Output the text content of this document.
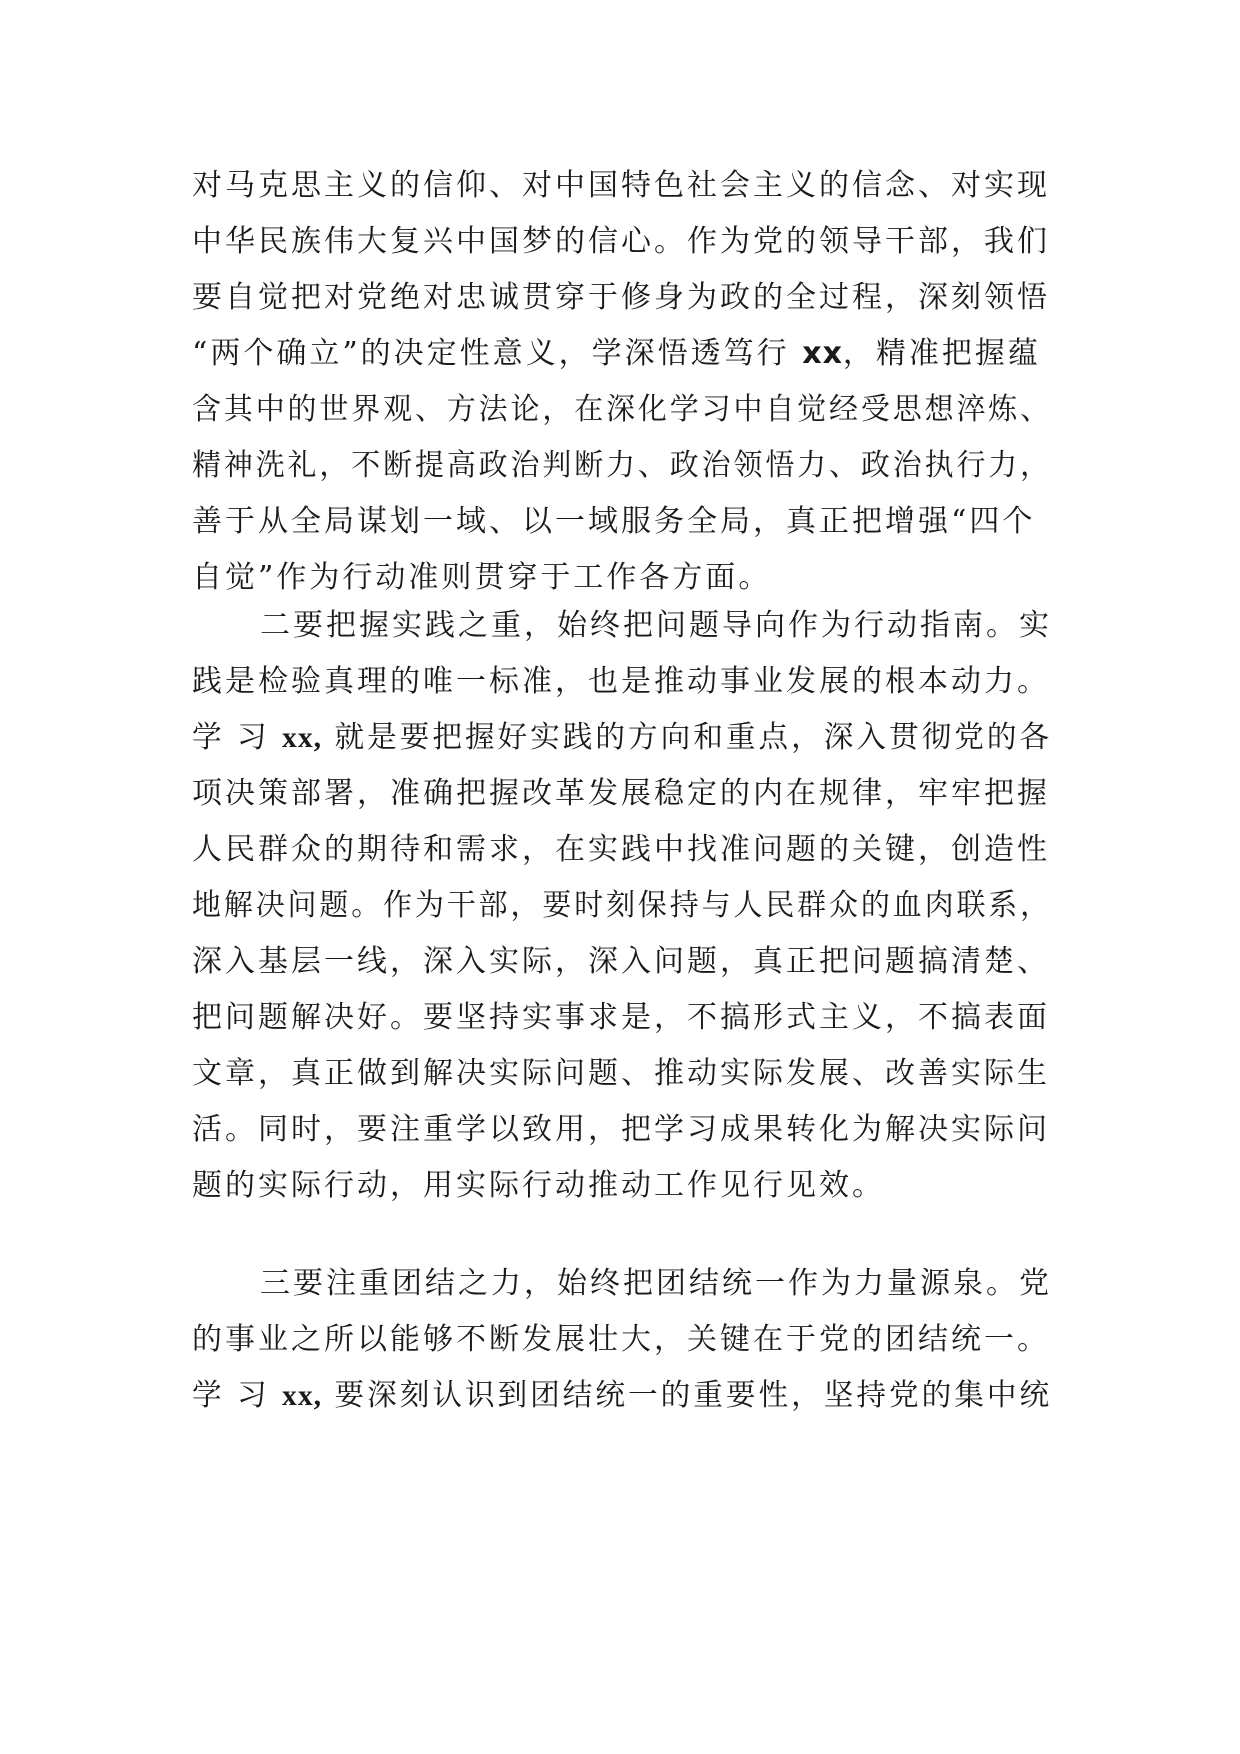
对马克思主义的信仰、对中国特色社会主义的信念、对实现
中华民族伟大复兴中国梦的信心。作为党的领导干部，我们
要自觉把对党绝对忠诚贯穿于修身为政的全过程，深刻领悟
“两个确立”的决定性意义，学深悟透笃行 xx，精准把握蕴
含其中的世界观、方法论，在深化学习中自觉经受思想淬炼、
精神洗礼，不断提高政治判断力、政治领悟力、政治执行力，
善于从全局谋划一域、以一域服务全局，真正把增强“四个
自觉”作为行动准则贯穿于工作各方面。
二要把握实践之重，始终把问题导向作为行动指南。实
践是检验真理的唯一标准，也是推动事业发展的根本动力。
学 习 xx, 就是要把握好实践的方向和重点，深入贯彻党的各
项决策部署，准确把握改革发展稳定的内在规律，牢牢把握
人民群众的期待和需求，在实践中找准问题的关键，创造性
地解决问题。作为干部，要时刻保持与人民群众的血肉联系，
深入基层一线，深入实际，深入问题，真正把问题搞清楚、
把问题解决好。要坚持实事求是，不搞形式主义，不搞表面
文章，真正做到解决实际问题、推动实际发展、改善实际生
活。同时，要注重学以致用，把学习成果转化为解决实际问
题的实际行动，用实际行动推动工作见行见效。
三要注重团结之力，始终把团结统一作为力量源泉。党
的事业之所以能够不断发展壮大，关键在于党的团结统一。
学 习 xx, 要深刻认识到团结统一的重要性，坚持党的集中统
